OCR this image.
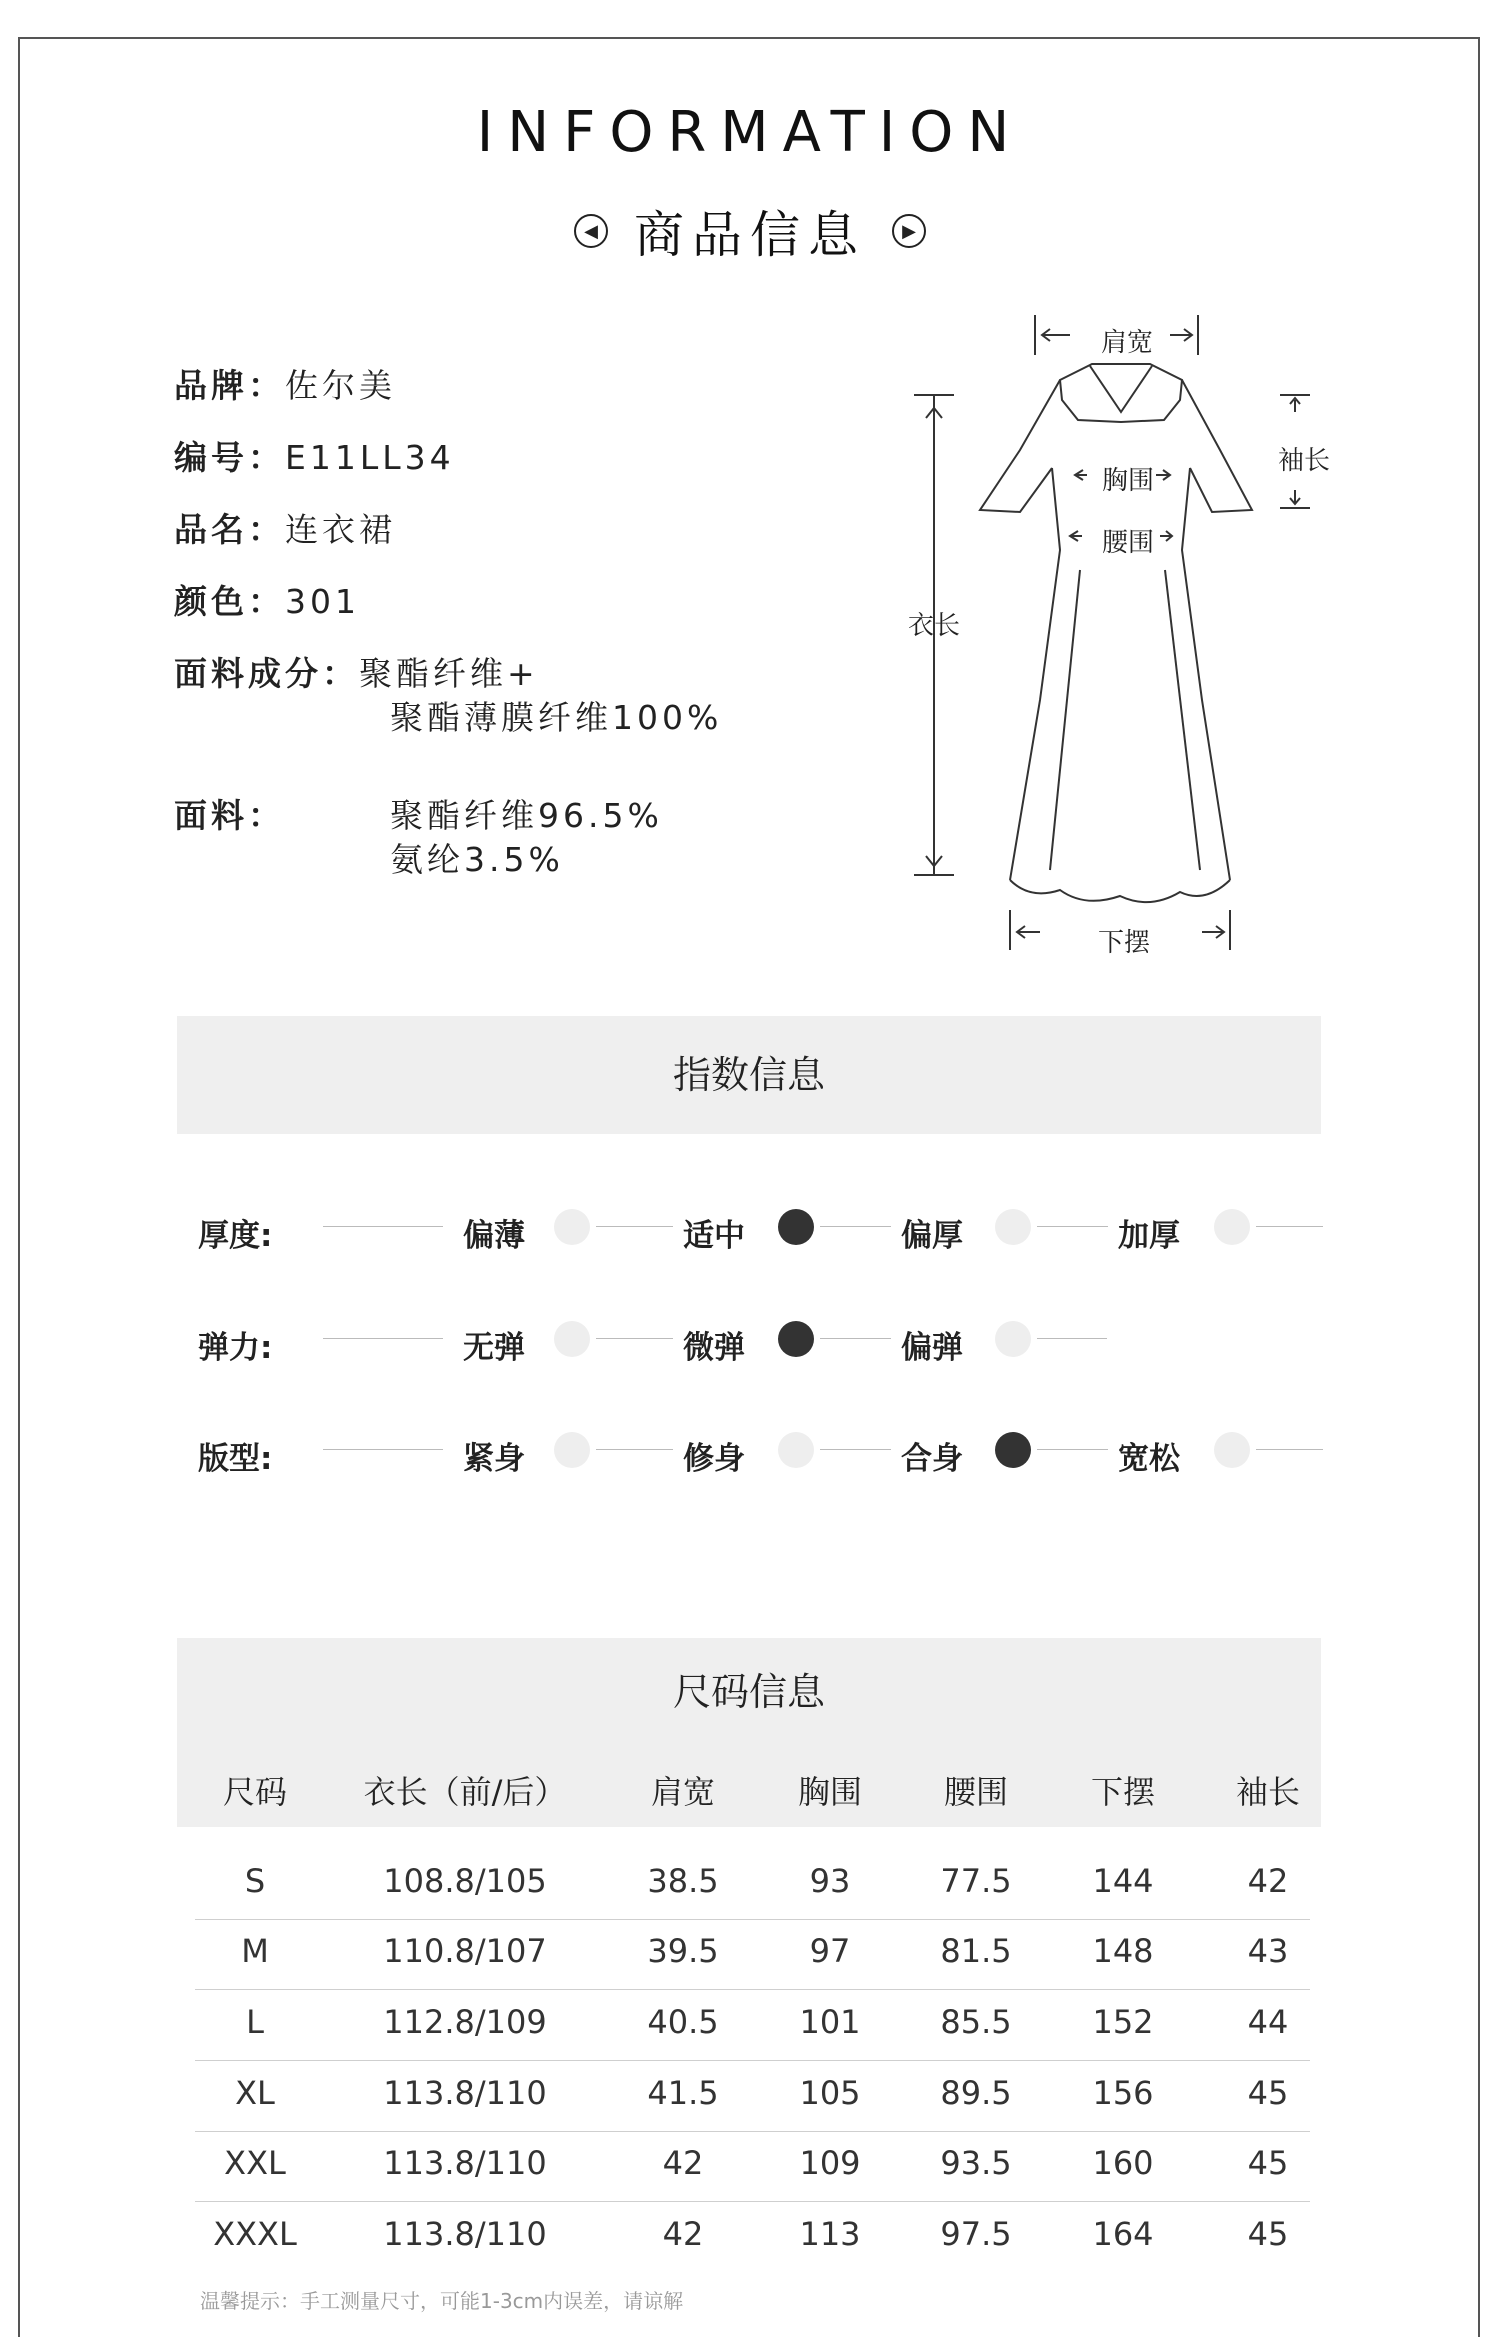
INFORMATION
◀ 商品信息	▶
品牌：佐尔美
编号：E11LL34
品名：连衣裙
颜色：301
面料成分：聚酯纤维+
聚酯薄膜纤维100%
面料：	聚酯纤维96.5%
氨纶3.5%
肩宽
袖长
胸围
腰围
衣长
下摆
指数信息
厚度:	偏薄	适中	偏厚	加厚
弹力:	无弹	微弹	偏弹
版型:	紧身	修身	合身	宽松
尺码信息
尺码	衣长（前/后）	肩宽	胸围	腰围	下摆	袖长
S	108.8/105	38.5	93	77.5	144	42
M	110.8/107	39.5	97	81.5	148	43
L	112.8/109	40.5	101	85.5	152	44
XL	113.8/110	41.5	105	89.5	156	45
XXL	113.8/110	42	109	93.5	160	45
XXXL	113.8/110	42	113	97.5	164	45
温馨提示：手工测量尺寸，可能1-3cm内误差，请谅解
